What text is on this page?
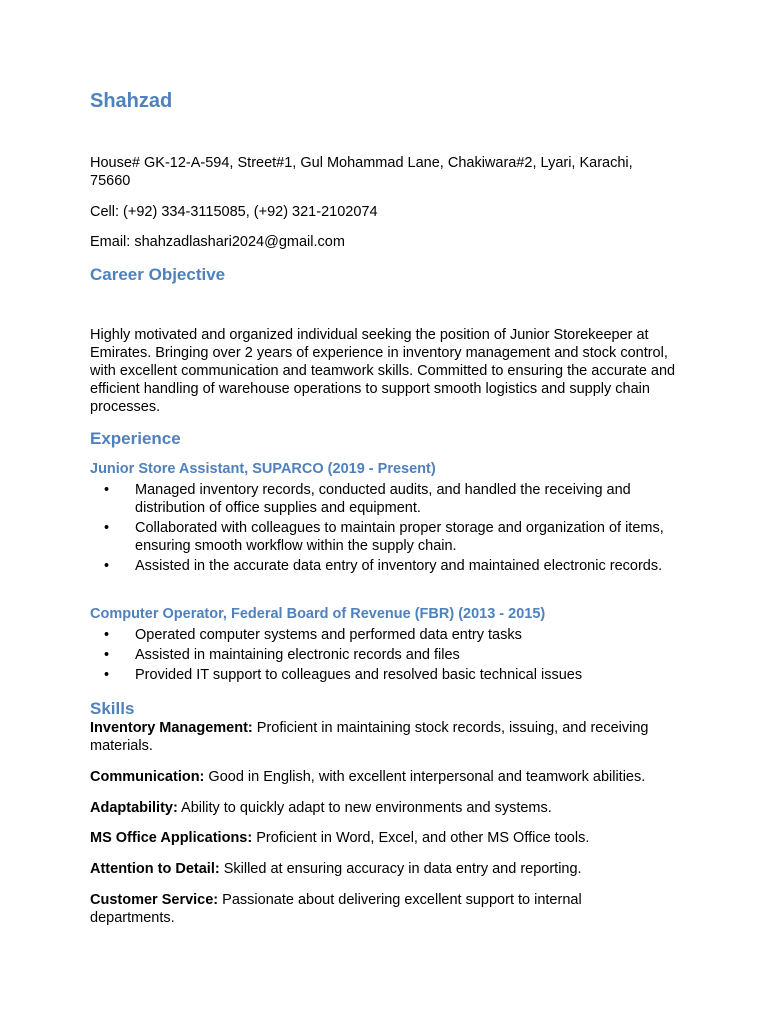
Shahzad

House# GK-12-A-594, Street#1, Gul Mohammad Lane, Chakiwara#2, Lyari, Karachi, 75660

Cell: (+92) 334-3115085, (+92) 321-2102074

Email: shahzadlashari2024@gmail.com

Career Objective

Highly motivated and organized individual seeking the position of Junior Storekeeper at Emirates. Bringing over 2 years of experience in inventory management and stock control, with excellent communication and teamwork skills. Committed to ensuring the accurate and efficient handling of warehouse operations to support smooth logistics and supply chain processes.

Experience
Junior Store Assistant, SUPARCO (2019 - Present)
• Managed inventory records, conducted audits, and handled the receiving and distribution of office supplies and equipment.
• Collaborated with colleagues to maintain proper storage and organization of items, ensuring smooth workflow within the supply chain.
• Assisted in the accurate data entry of inventory and maintained electronic records.
Computer Operator, Federal Board of Revenue (FBR) (2013 - 2015)
• Operated computer systems and performed data entry tasks
• Assisted in maintaining electronic records and files
• Provided IT support to colleagues and resolved basic technical issues
Skills

Inventory Management: Proficient in maintaining stock records, issuing, and receiving materials.

Communication: Good in English, with excellent interpersonal and teamwork abilities.

Adaptability: Ability to quickly adapt to new environments and systems.

MS Office Applications: Proficient in Word, Excel, and other MS Office tools.

Attention to Detail: Skilled at ensuring accuracy in data entry and reporting.

Customer Service: Passionate about delivering excellent support to internal departments.
